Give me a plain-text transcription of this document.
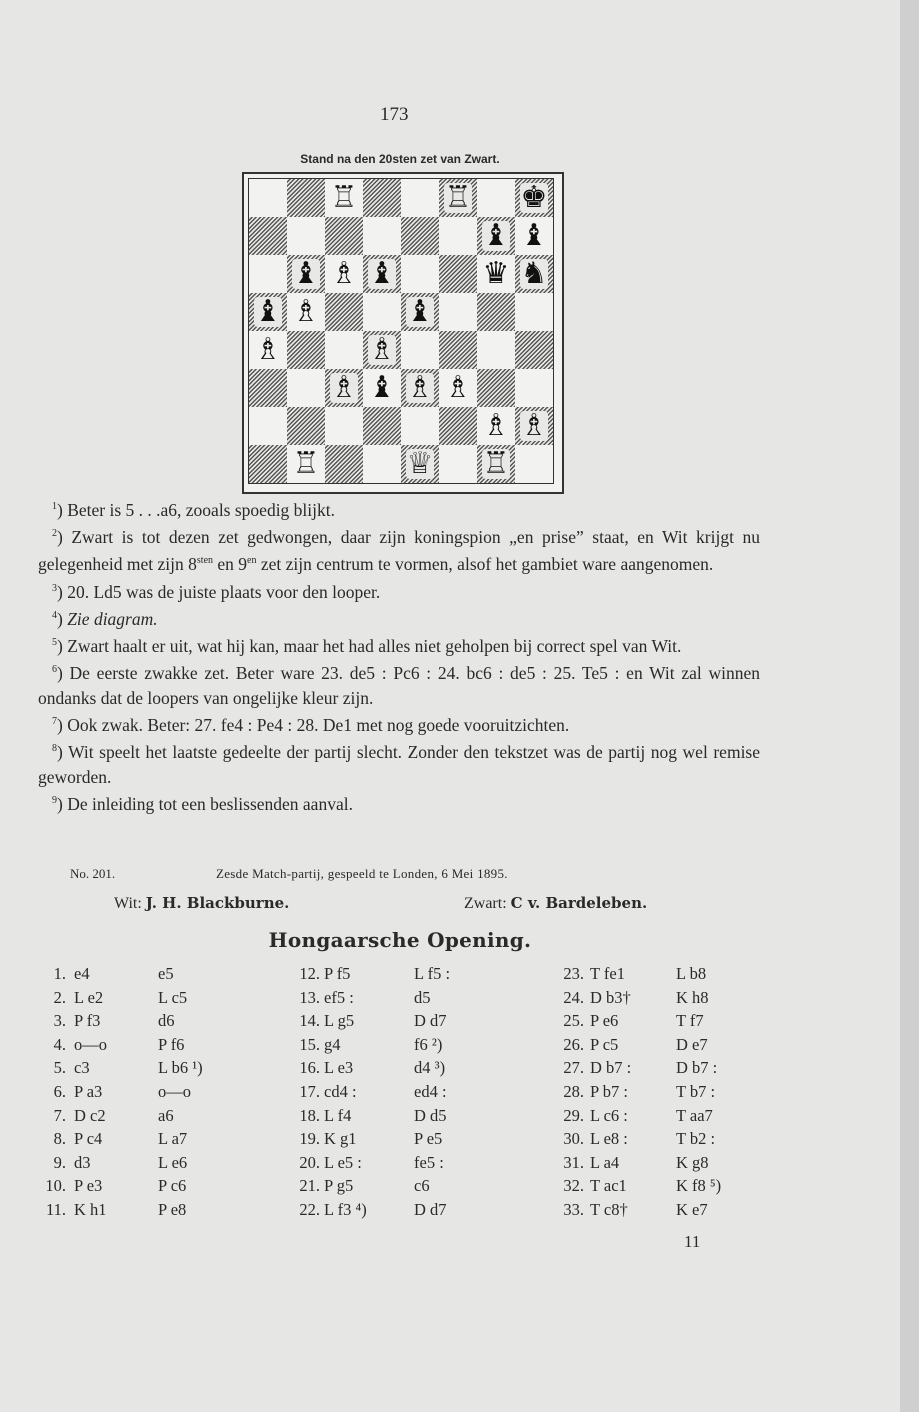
173
Stand na den 20sten zet van Zwart.
♖	♖ ♚
♝ ♝
♝ ♗ ♝	♛ ♞
♝ ♗	♝
♗	♗
♗ ♝ ♗ ♗
♗ ♗
♖	♕ ♖
$^1$) Beter is 5 . . .a6, zooals spoedig blijkt.
$^2$) Zwart is tot dezen zet gedwongen, daar zijn koningspion „en prise” staat, en Wit krijgt nu gelegenheid met zijn $8^{sten}$ en $9^{en}$ zet zijn centrum te vormen, alsof het gambiet ware aangenomen.
$^3$) 20. Ld5 was de juiste plaats voor den looper.
$^4$) Zie diagram.
$^5$) Zwart haalt er uit, wat hij kan, maar het had alles niet geholpen bij correct spel van Wit.
$^6$) De eerste zwakke zet. Beter ware 23. de5 : Pc6 : 24. bc6 : de5 : 25. Te5 : en Wit zal winnen ondanks dat de loopers van ongelijke kleur zijn.
$^7$) Ook zwak. Beter: 27. fe4 : Pe4 : 28. De1 met nog goede vooruitzichten.
$^8$) Wit speelt het laatste gedeelte der partij slecht. Zonder den tekstzet was de partij nog wel remise geworden.
$^9$) De inleiding tot een beslissenden aanval.
No. 201.	Zesde Match-partij, gespeeld te Londen, 6 Mei 1895.
Wit: J. H. Blackburne.	Zwart: C v. Bardeleben.
Hongaarsche Opening.
1. e4	e5
2. L e2	L c5
3. P f3	d6
4. o—o	P f6
5. c3	L b6 ¹)
6. P a3	o—o
7. D c2	a6
8. P c4	L a7
9. d3	L e6
10. P e3	P c6
11. K h1	P e8
12. P f5	L f5 :
13. ef5 :	d5
14. L g5	D d7
15. g4	f6 ²)
16. L e3	d4 ³)
17. cd4 :	ed4 :
18. L f4	D d5
19. K g1	P e5
20. L e5 :	fe5 :
21. P g5	c6
22. L f3 ⁴)	D d7
23. T fe1	L b8
24. D b3†	K h8
25. P e6	T f7
26. P c5	D e7
27. D b7 :	D b7 :
28. P b7 :	T b7 :
29. L c6 :	T aa7
30. L e8 :	T b2 :
31. L a4	K g8
32. T ac1	K f8 ⁵)
33. T c8†	K e7
11
